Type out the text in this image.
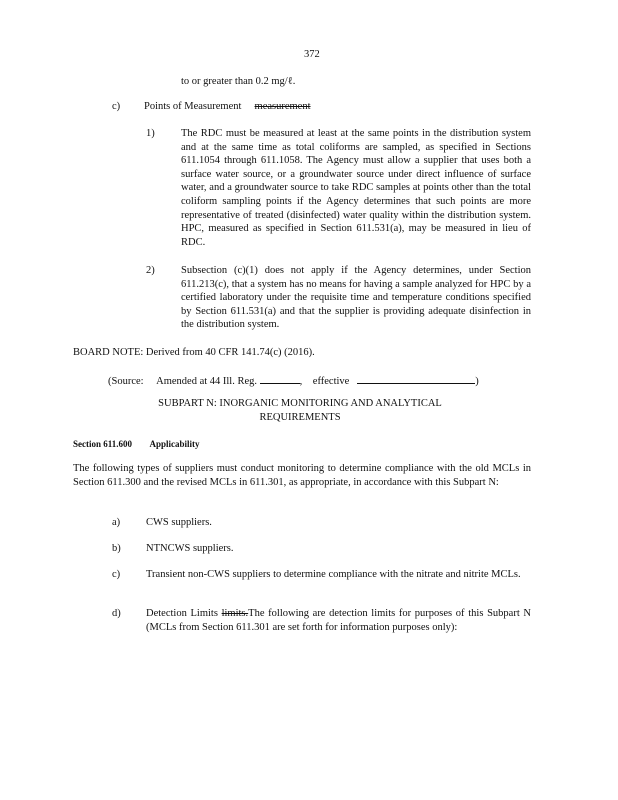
372
to or greater than 0.2 mg/ℓ.
c) Points of Measurement measurement
1)	The RDC must be measured at least at the same points in the distribution system and at the same time as total coliforms are sampled, as specified in Sections 611.1054 through 611.1058. The Agency must allow a supplier that uses both a surface water source, or a groundwater source under direct influence of surface water, and a groundwater source to take RDC samples at points other than the total coliform sampling points if the Agency determines that such points are more representative of treated (disinfected) water quality within the distribution system. HPC, measured as specified in Section 611.531(a), may be measured in lieu of RDC.
2)	Subsection (c)(1) does not apply if the Agency determines, under Section 611.213(c), that a system has no means for having a sample analyzed for HPC by a certified laboratory under the requisite time and temperature conditions specified by Section 611.531(a) and that the supplier is providing adequate disinfection in the distribution system.
BOARD NOTE: Derived from 40 CFR 141.74(c) (2016).
(Source: Amended at 44 Ill. Reg.	,    effective	)
SUBPART N: INORGANIC MONITORING AND ANALYTICAL
REQUIREMENTS
Section 611.600 Applicability
The following types of suppliers must conduct monitoring to determine compliance with the old MCLs in Section 611.300 and the revised MCLs in 611.301, as appropriate, in accordance with this Subpart N:
a) CWS suppliers.
b) NTNCWS suppliers.
c) Transient non-CWS suppliers to determine compliance with the nitrate and nitrite MCLs.
d) Detection Limits limits.The following are detection limits for purposes of this Subpart N (MCLs from Section 611.301 are set forth for information purposes only):
